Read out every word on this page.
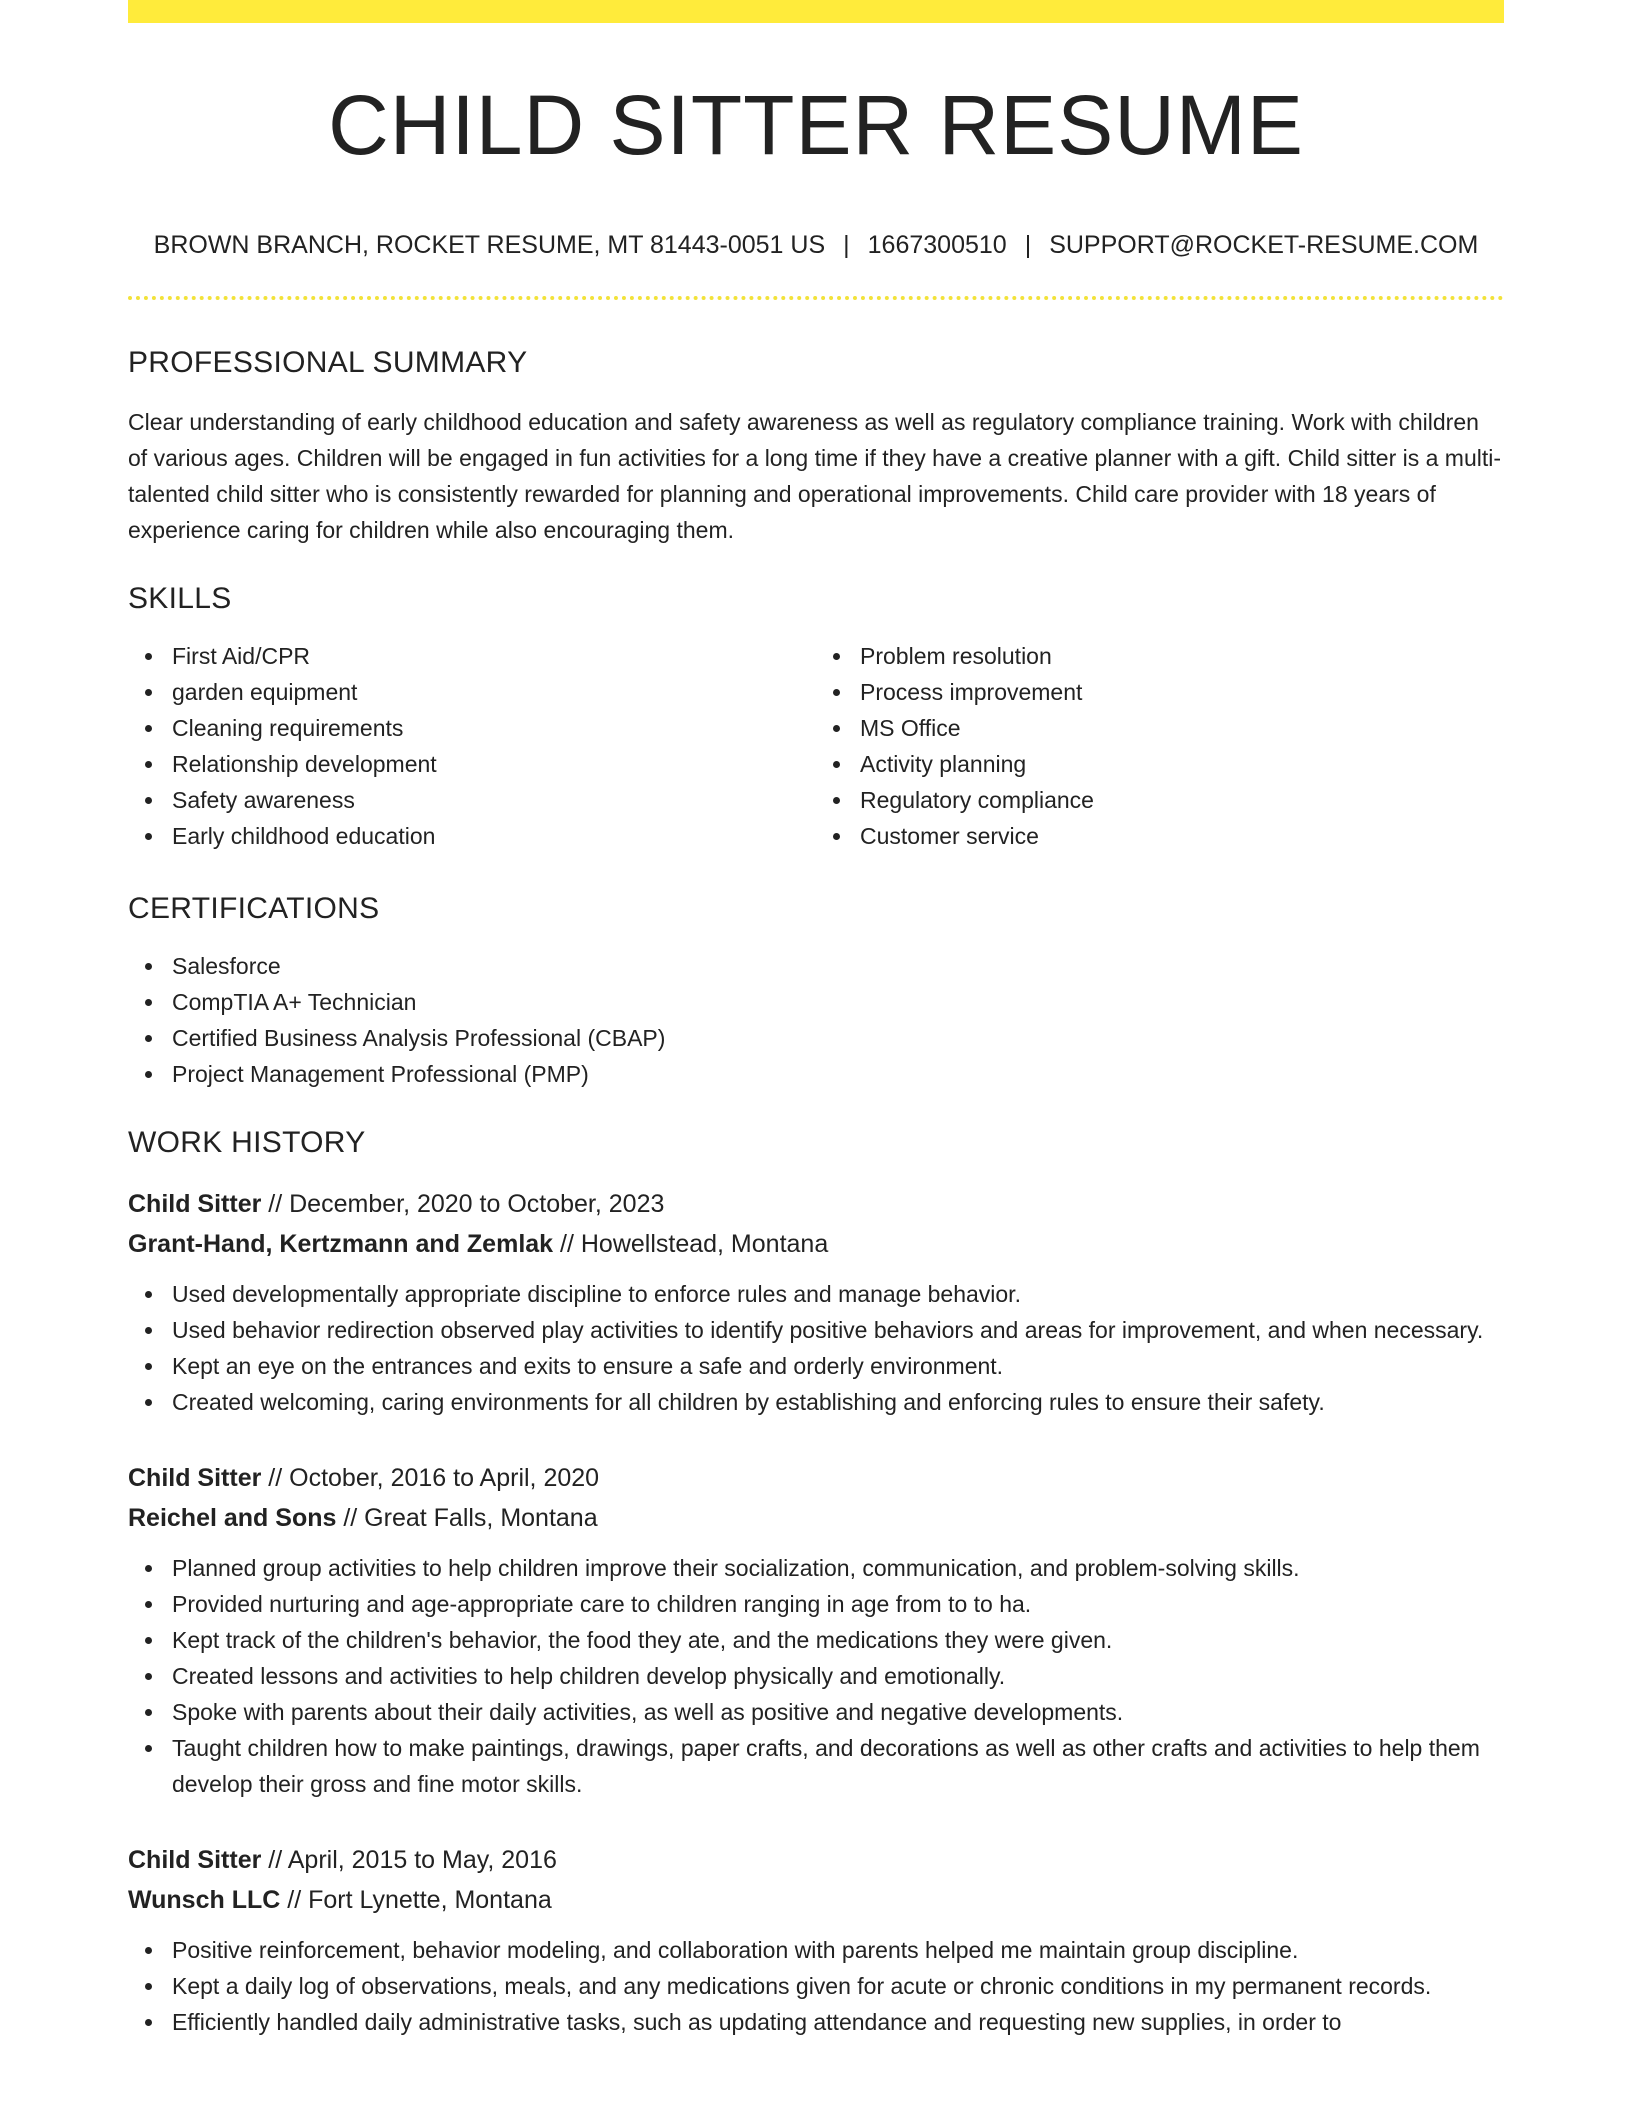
CHILD SITTER RESUME
BROWN BRANCH, ROCKET RESUME, MT 81443-0051 US | 1667300510 | SUPPORT@ROCKET-RESUME.COM
PROFESSIONAL SUMMARY

Clear understanding of early childhood education and safety awareness as well as regulatory compliance training. Work with children of various ages. Children will be engaged in fun activities for a long time if they have a creative planner with a gift. Child sitter is a multi-talented child sitter who is consistently rewarded for planning and operational improvements. Child care provider with 18 years of experience caring for children while also encouraging them.

SKILLS
First Aid/CPR
garden equipment
Cleaning requirements
Relationship development
Safety awareness
Early childhood education
Problem resolution
Process improvement
MS Office
Activity planning
Regulatory compliance
Customer service
CERTIFICATIONS
Salesforce
CompTIA A+ Technician
Certified Business Analysis Professional (CBAP)
Project Management Professional (PMP)
WORK HISTORY
Child Sitter // December, 2020 to October, 2023
Grant-Hand, Kertzmann and Zemlak // Howellstead, Montana
Used developmentally appropriate discipline to enforce rules and manage behavior.
Used behavior redirection observed play activities to identify positive behaviors and areas for improvement, and when necessary.
Kept an eye on the entrances and exits to ensure a safe and orderly environment.
Created welcoming, caring environments for all children by establishing and enforcing rules to ensure their safety.
Child Sitter // October, 2016 to April, 2020
Reichel and Sons // Great Falls, Montana
Planned group activities to help children improve their socialization, communication, and problem-solving skills.
Provided nurturing and age-appropriate care to children ranging in age from to to ha.
Kept track of the children's behavior, the food they ate, and the medications they were given.
Created lessons and activities to help children develop physically and emotionally.
Spoke with parents about their daily activities, as well as positive and negative developments.
Taught children how to make paintings, drawings, paper crafts, and decorations as well as other crafts and activities to help them develop their gross and fine motor skills.
Child Sitter // April, 2015 to May, 2016
Wunsch LLC // Fort Lynette, Montana
Positive reinforcement, behavior modeling, and collaboration with parents helped me maintain group discipline.
Kept a daily log of observations, meals, and any medications given for acute or chronic conditions in my permanent records.
Efficiently handled daily administrative tasks, such as updating attendance and requesting new supplies, in order to
